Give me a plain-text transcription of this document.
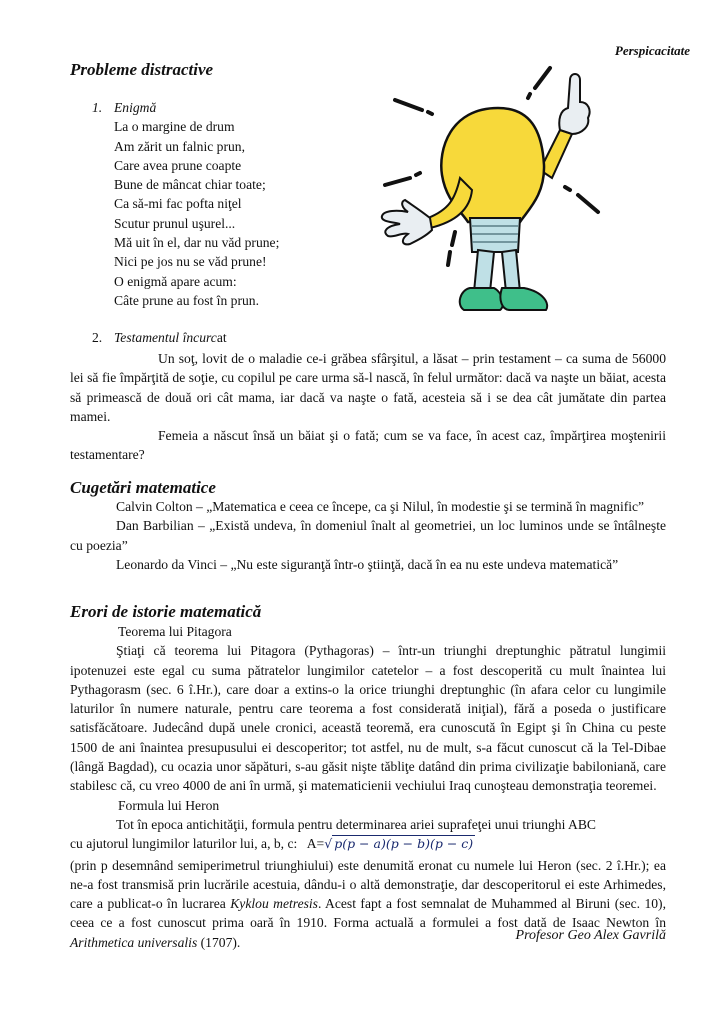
Perspicacitate
Probleme distractive
1. Enigmă
La o margine de drum
Am zărit un falnic prun,
Care avea prune coapte
Bune de mâncat chiar toate;
Ca să-mi fac pofta niţel
Scutur prunul uşurel...
Mă uit în el, dar nu văd prune;
Nici pe jos nu se văd prune!
O enigmă apare acum:
Câte prune au fost în prun.
2. Testamentul încurcat
Un soţ, lovit de o maladie ce-i grăbea sfârşitul, a lăsat – prin testament – ca suma de 56000 lei să fie împărţită de soţie, cu copilul pe care urma să-l nască, în felul următor: dacă va naşte un băiat, acesta să primească de două ori cât mama, iar dacă va naşte o fată, acesteia să i se dea cât jumătate din partea mamei.
Femeia a născut însă un băiat şi o fată; cum se va face, în acest caz, împărţirea moştenirii testamentare?
Cugetări matematice
Calvin Colton – „Matematica e ceea ce începe, ca şi Nilul, în modestie şi se termină în magnific”
Dan Barbilian – „Există undeva, în domeniul înalt al geometriei, un loc luminos unde se întâlneşte cu poezia”
Leonardo da Vinci – „Nu este siguranţă într-o ştiinţă, dacă în ea nu este undeva matematică”
Erori de istorie matematică
Teorema lui Pitagora
Ştiaţi că teorema lui Pitagora (Pythagoras) – într-un triunghi dreptunghic pătratul lungimii ipotenuzei este egal cu suma pătratelor lungimilor catetelor – a fost descoperită cu mult înaintea lui Pythagorasm (sec. 6 î.Hr.), care doar a extins-o la orice triunghi dreptunghic (în afara celor cu lungimile laturilor în numere naturale, pentru care teorema a fost considerată iniţial), fără a poseda o justificare satisfăcătoare. Judecând după unele cronici, această teoremă, era cunoscută în Egipt şi în China cu peste 1500 de ani înaintea presupusului ei descoperitor; tot astfel, nu de mult, s-a făcut cunoscut că la Tel-Dibae (lângă Bagdad), cu ocazia unor săpături, s-au găsit nişte tăbliţe datând din prima civilizaţie babiloniană, care stabilesc că, cu vreo 4000 de ani în urmă, şi matematicienii vechiului Iraq cunoşteau demonstraţia teoremei.
Formula lui Heron
Tot în epoca antichităţii, formula pentru determinarea ariei suprafeţei unui triunghi ABC
cu ajutorul lungimilor laturilor lui, a, b, c: A=√ p(p − a)(p − b)(p − c)
(prin p desemnând semiperimetrul triunghiului) este denumită eronat cu numele lui Heron (sec. 2 î.Hr.); ea ne-a fost transmisă prin lucrările acestuia, dându-i o altă demonstraţie, dar descoperitorul ei este Arhimedes, care a publicat-o în lucrarea Kyklou metresis. Acest fapt a fost semnalat de Muhammed al Biruni (sec. 10), ceea ce a fost cunoscut prima oară în 1910. Forma actuală a formulei a fost dată de Isaac Newton în Arithmetica universalis (1707).	Profesor Geo Alex Gavrilă
